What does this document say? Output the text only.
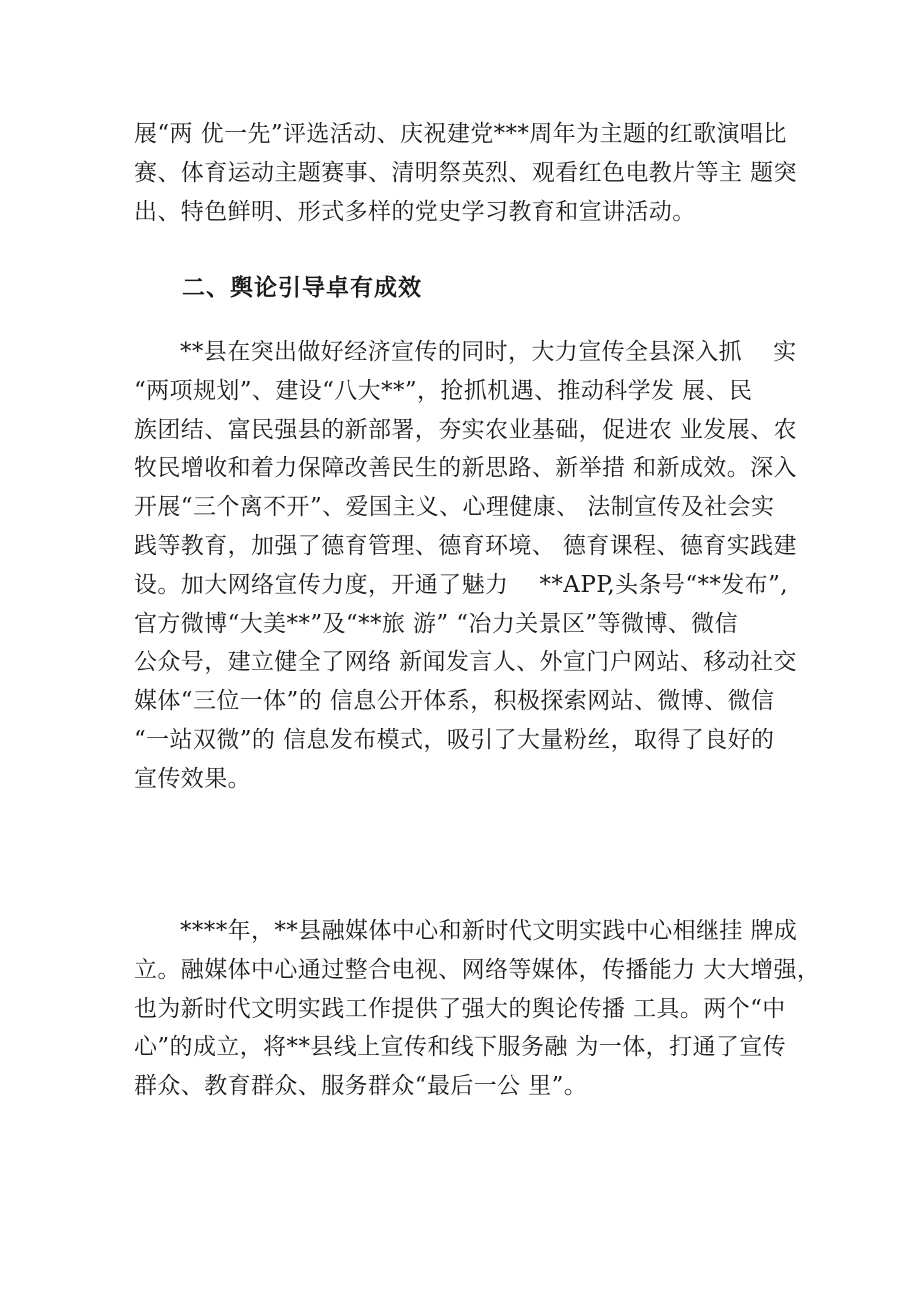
展“两 优一先”评选活动、庆祝建党***周年为主题的红歌演唱比
赛、体育运动主题赛事、清明祭英烈、观看红色电教片等主 题突
出、特色鲜明、形式多样的党史学习教育和宣讲活动。
二、舆论引导卓有成效
**县在突出做好经济宣传的同时，大力宣传全县深入抓　 实
“两项规划”、建设“八大**”，抢抓机遇、推动科学发 展、民
族团结、富民强县的新部署，夯实农业基础，促进农 业发展、农
牧民增收和着力保障改善民生的新思路、新举措 和新成效。深入
开展“三个离不开”、爱国主义、心理健康、 法制宣传及社会实
践等教育，加强了德育管理、德育环境、 德育课程、德育实践建
设。加大网络宣传力度，开通了魅力　 **APP,头条号“**发布”,
官方微博“大美**”及“**旅 游” “冶力关景区”等微博、微信
公众号，建立健全了网络 新闻发言人、外宣门户网站、移动社交
媒体“三位一体”的 信息公开体系，积极探索网站、微博、微信
“一站双微”的 信息发布模式，吸引了大量粉丝，取得了良好的
宣传效果。
****年，**县融媒体中心和新时代文明实践中心相继挂 牌成
立。融媒体中心通过整合电视、网络等媒体，传播能力 大大增强，
也为新时代文明实践工作提供了强大的舆论传播 工具。两个“中
心”的成立，将**县线上宣传和线下服务融 为一体，打通了宣传
群众、教育群众、服务群众“最后一公 里”。
